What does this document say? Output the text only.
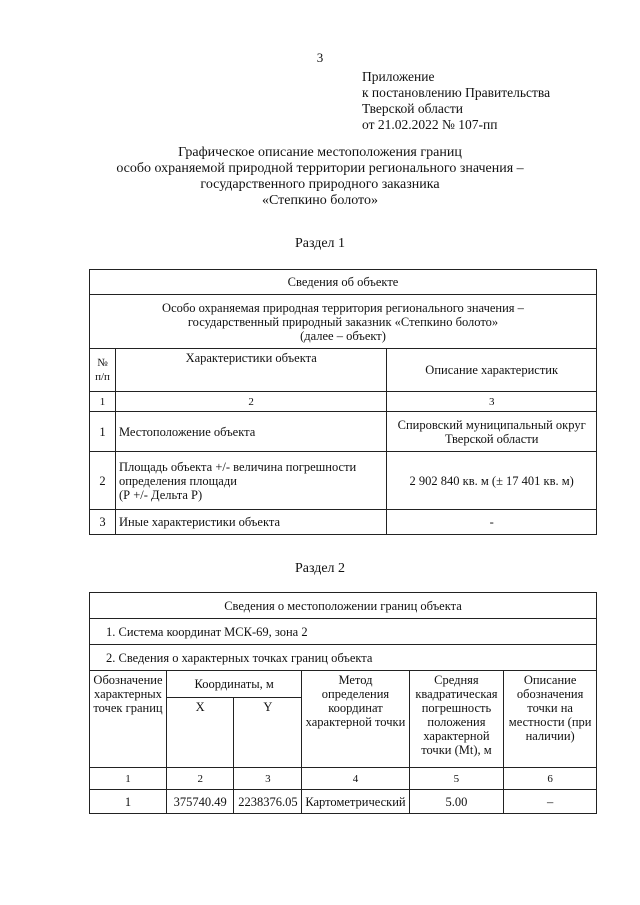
3
Приложение
к постановлению Правительства
Тверской области
от 21.02.2022 № 107-пп
Графическое описание местоположения границ
особо охраняемой природной территории регионального значения –
государственного природного заказника
«Степкино болото»
Раздел 1
Сведения об объекте		

Особо охраняемая природная территория регионального значения –
государственный природный заказник «Степкино болото»
(далее – объект)		

№ п/п	Характеристики объекта	Описание характеристик
1	2	3
1	Местоположение объекта	Спировский муниципальный округ Тверской области
2	Площадь объекта +/- величина погрешности
определения площади
(Р +/- Дельта Р)	2 902 840 кв. м (± 17 401 кв. м)
3	Иные характеристики объекта	-
Раздел 2
Сведения о местоположении границ объекта					
1. Система координат МСК-69, зона 2					
2. Сведения о характерных точках границ объекта					
Обозначение характерных точек границ	Координаты, м		Метод определения координат характерной точки	Средняя квадратическая погрешность положения характерной точки (Mt), м	Описание обозначения точки на местности (при наличии)
	X	Y			
1	2	3	4	5	6
1	375740.49	2238376.05	Картометрический	5.00	–
